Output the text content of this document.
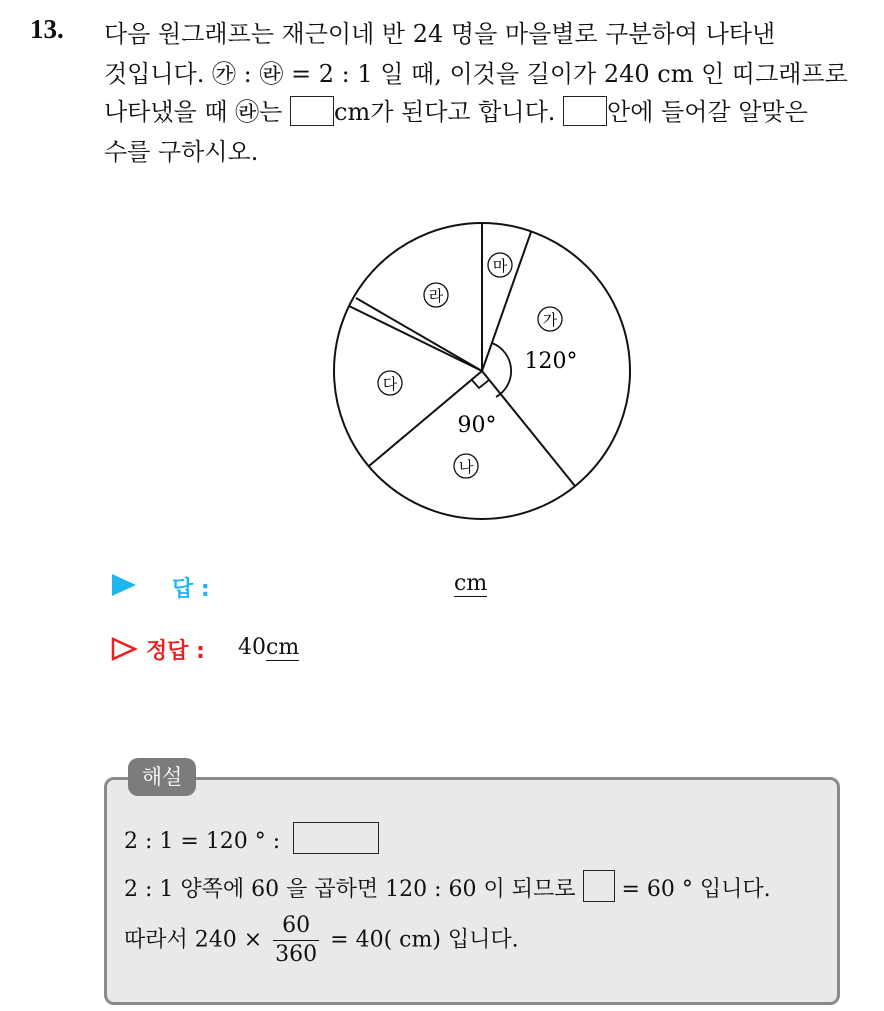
13. 다음 원그래프는 재근이네 반 24 명을 마을별로 구분하여 나타낸
것입니다. ㉮ : ㉱ = 2 : 1 일 때, 이것을 길이가 240 cm 인 띠그래프로
나타냈을 때 ㉱는 cm가 된다고 합니다. 안에 들어갈 알맞은
수를 구하시오.
마
가
120°
라
다
90°
나
답 :	cm
정답 : 40cm
해설
2 : 1 = 120 ° :
2 : 1 양쪽에 60 을 곱하면 120 : 60 이 되므로 = 60 ° 입니다.
따라서 $240 \times \frac{60}{360} = 40$( cm) 입니다.
